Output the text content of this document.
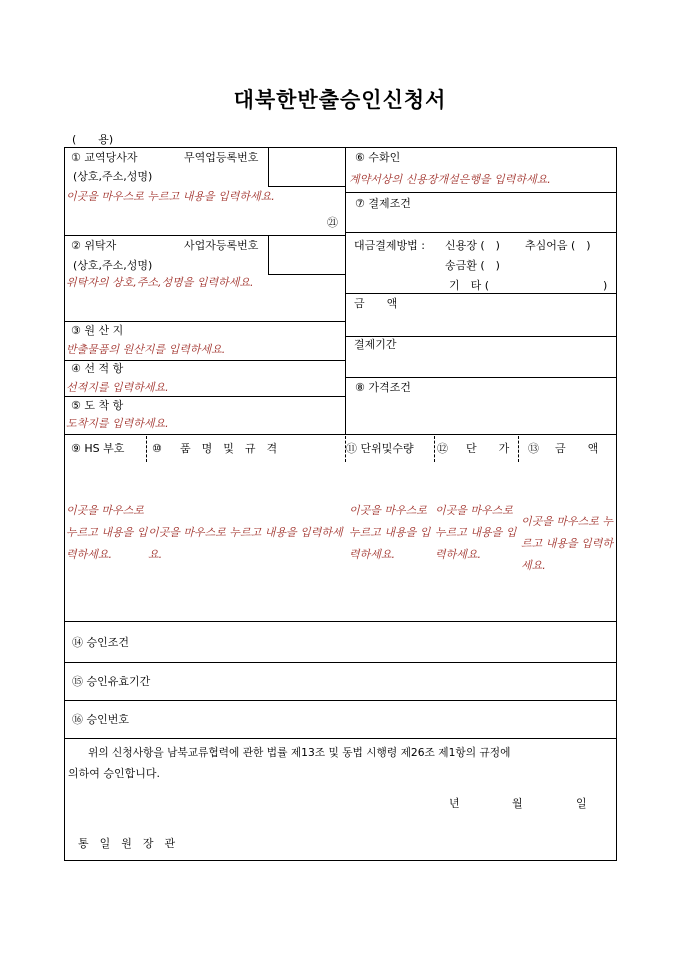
대북한반출승인신청서
(　　용)
① 교역당사자	무역업등록번호
(상호,주소,성명)
이곳을 마우스로 누르고 내용을 입력하세요.
㉑
② 위탁자	사업자등록번호
(상호,주소,성명)
위탁자의 상호,주소,성명을 입력하세요.
③ 원 산 지
반출물품의 원산지를 입력하세요.
④ 선 적 항
선적지를 입력하세요.
⑤ 도 착 항
도착지를 입력하세요.
⑥ 수화인
계약서상의 신용장개설은행을 입력하세요.
⑦ 결제조건
대금결제방법 : 신용장 (　) 추심어음 (　)
송금환 (　)
기　타 (	)
금　　액
결제기간
⑧ 가격조건
⑨ HS 부호	⑩ 품　명　및　규　격	⑪ 단위및수량 ⑫ 단　　가 ⑬ 금　　액
이곳을 마우스로 누르고 내용을 입력하세요.
이곳을 마우스로 누르고 내용을 입력하세요.
이곳을 마우스로 누르고 내용을 입력하세요.
이곳을 마우스로 누르고 내용을 입력하세요.
이곳을 마우스로 누르고 내용을 입력하세요.
⑭ 승인조건
⑮ 승인유효기간
⑯ 승인번호
위의 신청사항을 남북교류협력에 관한 법률 제13조 및 동법 시행령 제26조 제1항의 규정에
의하여 승인합니다.
년	월	일
통　일　원　장　관
